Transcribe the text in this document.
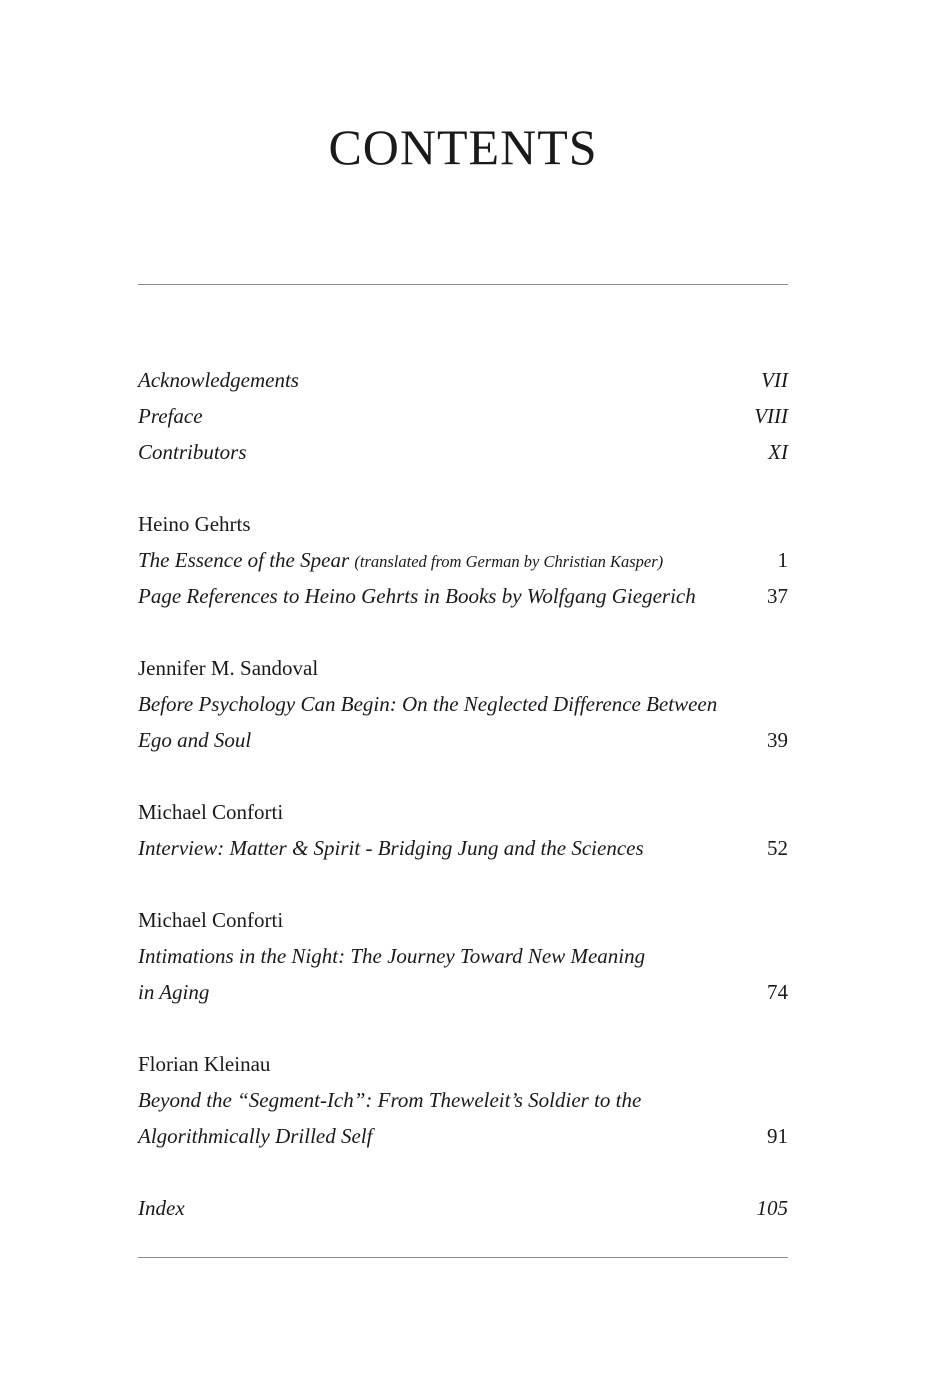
CONTENTS
Acknowledgements	VII
Preface	VIII
Contributors	XI
Heino Gehrts
The Essence of the Spear (translated from German by Christian Kasper)	1
Page References to Heino Gehrts in Books by Wolfgang Giegerich	37
Jennifer M. Sandoval
Before Psychology Can Begin: On the Neglected Difference Between
Ego and Soul	39
Michael Conforti
Interview: Matter & Spirit - Bridging Jung and the Sciences	52
Michael Conforti
Intimations in the Night: The Journey Toward New Meaning
in Aging	74
Florian Kleinau
Beyond the “Segment-Ich”: From Theweleit’s Soldier to the
Algorithmically Drilled Self	91
Index	105
